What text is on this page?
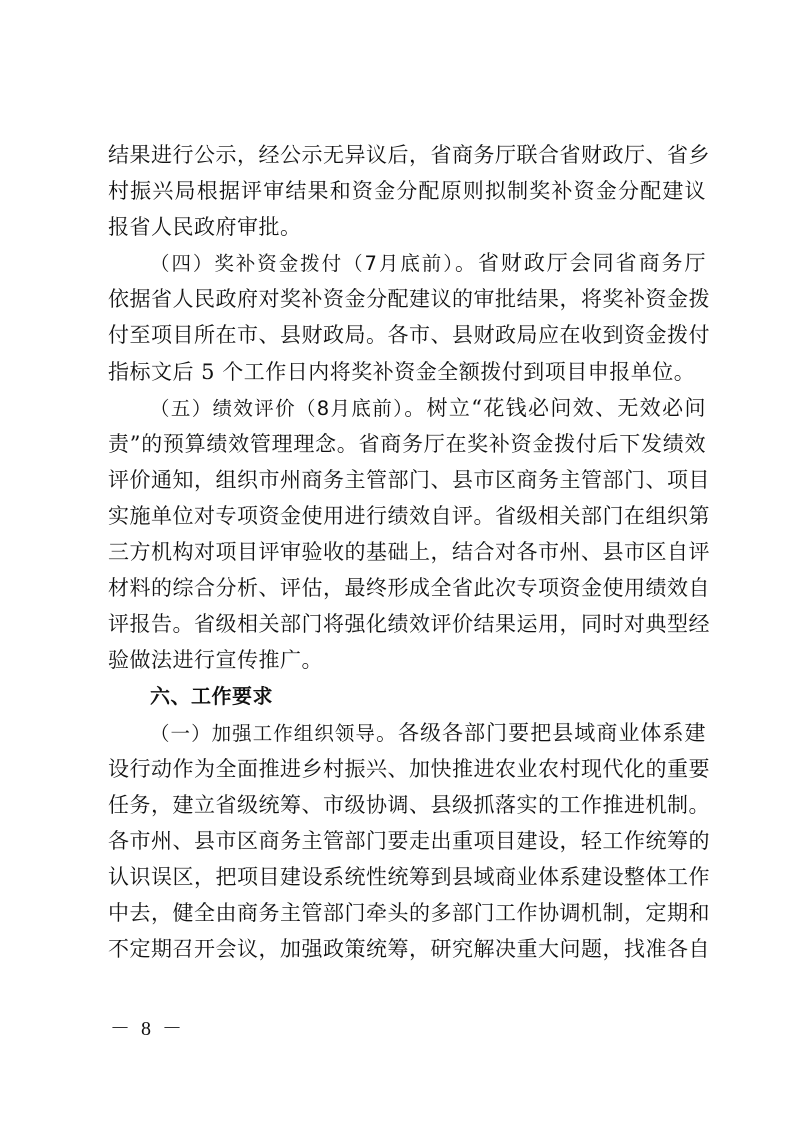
结果进行公示，经公示无异议后，省商务厅联合省财政厅、省乡
村振兴局根据评审结果和资金分配原则拟制奖补资金分配建议
报省人民政府审批。
（四）奖补资金拨付（7月底前）。省财政厅会同省商务厅
依据省人民政府对奖补资金分配建议的审批结果，将奖补资金拨
付至项目所在市、县财政局。各市、县财政局应在收到资金拨付
指标文后 5 个工作日内将奖补资金全额拨付到项目申报单位。
（五）绩效评价（8月底前）。树立“花钱必问效、无效必问
责”的预算绩效管理理念。省商务厅在奖补资金拨付后下发绩效
评价通知，组织市州商务主管部门、县市区商务主管部门、项目
实施单位对专项资金使用进行绩效自评。省级相关部门在组织第
三方机构对项目评审验收的基础上，结合对各市州、县市区自评
材料的综合分析、评估，最终形成全省此次专项资金使用绩效自
评报告。省级相关部门将强化绩效评价结果运用，同时对典型经
验做法进行宣传推广。
六、工作要求
（一）加强工作组织领导。各级各部门要把县域商业体系建
设行动作为全面推进乡村振兴、加快推进农业农村现代化的重要
任务，建立省级统筹、市级协调、县级抓落实的工作推进机制。
各市州、县市区商务主管部门要走出重项目建设，轻工作统筹的
认识误区，把项目建设系统性统筹到县域商业体系建设整体工作
中去，健全由商务主管部门牵头的多部门工作协调机制，定期和
不定期召开会议，加强政策统筹，研究解决重大问题，找准各自
－ 8 －
